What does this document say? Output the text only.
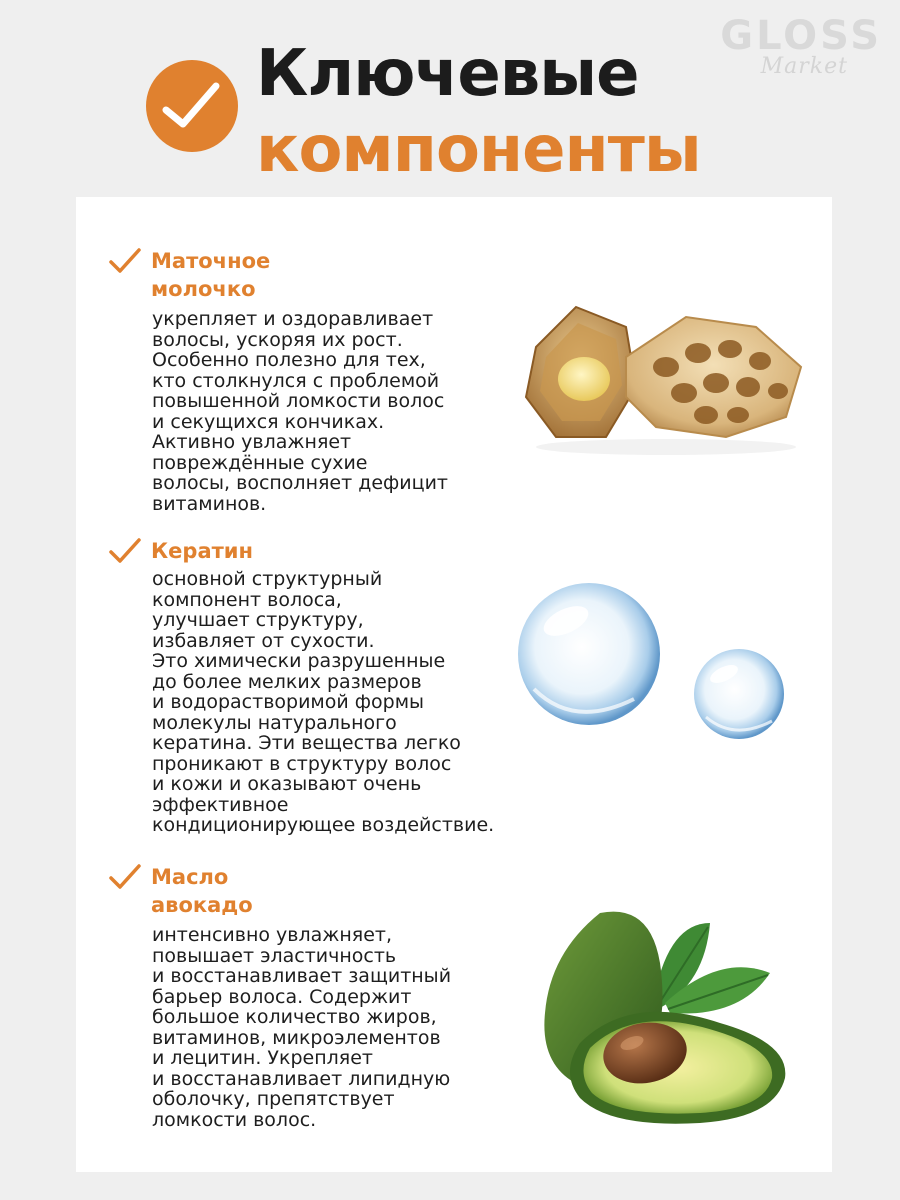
GLOSS
Market
Ключевые
компоненты
Маточное
молочко

укрепляет и оздоравливает
волосы, ускоряя их рост.
Особенно полезно для тех,
кто столкнулся с проблемой
повышенной ломкости волос
и секущихся кончиках.
Активно увлажняет
повреждённые сухие
волосы, восполняет дефицит
витаминов.

Кератин

основной структурный
компонент волоса,
улучшает структуру,
избавляет от сухости.
Это химически разрушенные
до более мелких размеров
и водорастворимой формы
молекулы натурального
кератина. Эти вещества легко
проникают в структуру волос
и кожи и оказывают очень
эффективное
кондиционирующее воздействие.

Масло
авокадо

интенсивно увлажняет,
повышает эластичность
и восстанавливает защитный
барьер волоса. Содержит
большое количество жиров,
витаминов, микроэлементов
и лецитин. Укрепляет
и восстанавливает липидную
оболочку, препятствует
ломкости волос.
